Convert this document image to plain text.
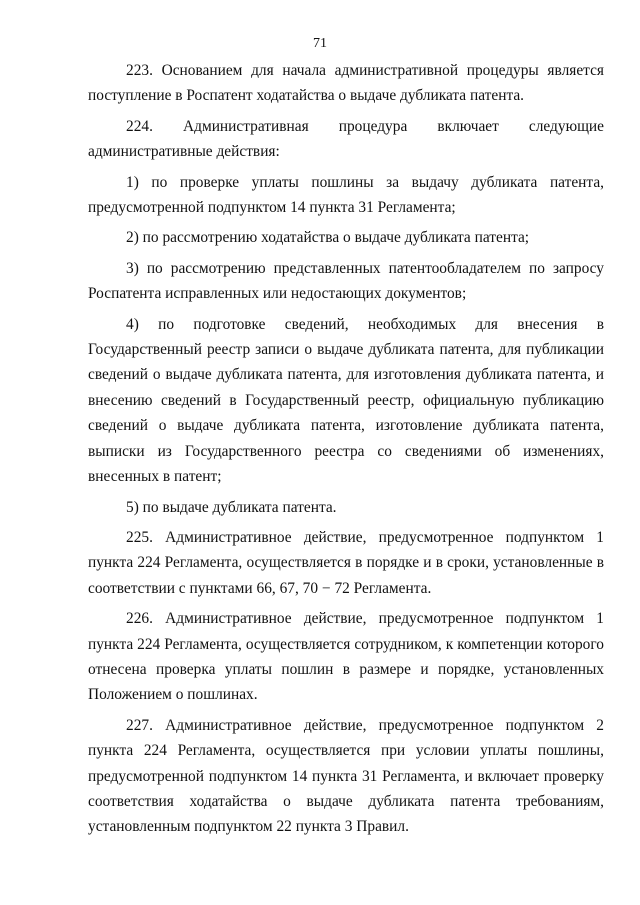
71

223. Основанием для начала административной процедуры является поступление в Роспатент ходатайства о выдаче дубликата патента.

224. Административная процедура включает следующие административные действия:

1) по проверке уплаты пошлины за выдачу дубликата патента, предусмотренной подпунктом 14 пункта 31 Регламента;

2) по рассмотрению ходатайства о выдаче дубликата патента;

3) по рассмотрению представленных патентообладателем по запросу Роспатента исправленных или недостающих документов;

4) по подготовке сведений, необходимых для внесения в Государственный реестр записи о выдаче дубликата патента, для публикации сведений о выдаче дубликата патента, для изготовления дубликата патента, и внесению сведений в Государственный реестр, официальную публикацию сведений о выдаче дубликата патента, изготовление дубликата патента, выписки из Государственного реестра со сведениями об изменениях, внесенных в патент;

5) по выдаче дубликата патента.

225. Административное действие, предусмотренное подпунктом 1 пункта 224 Регламента, осуществляется в порядке и в сроки, установленные в соответствии с пунктами 66, 67, 70 − 72 Регламента.

226. Административное действие, предусмотренное подпунктом 1 пункта 224 Регламента, осуществляется сотрудником, к компетенции которого отнесена проверка уплаты пошлин в размере и порядке, установленных Положением о пошлинах.

227. Административное действие, предусмотренное подпунктом 2 пункта 224 Регламента, осуществляется при условии уплаты пошлины, предусмотренной подпунктом 14 пункта 31 Регламента, и включает проверку соответствия ходатайства о выдаче дубликата патента требованиям, установленным подпунктом 22 пункта 3 Правил.
